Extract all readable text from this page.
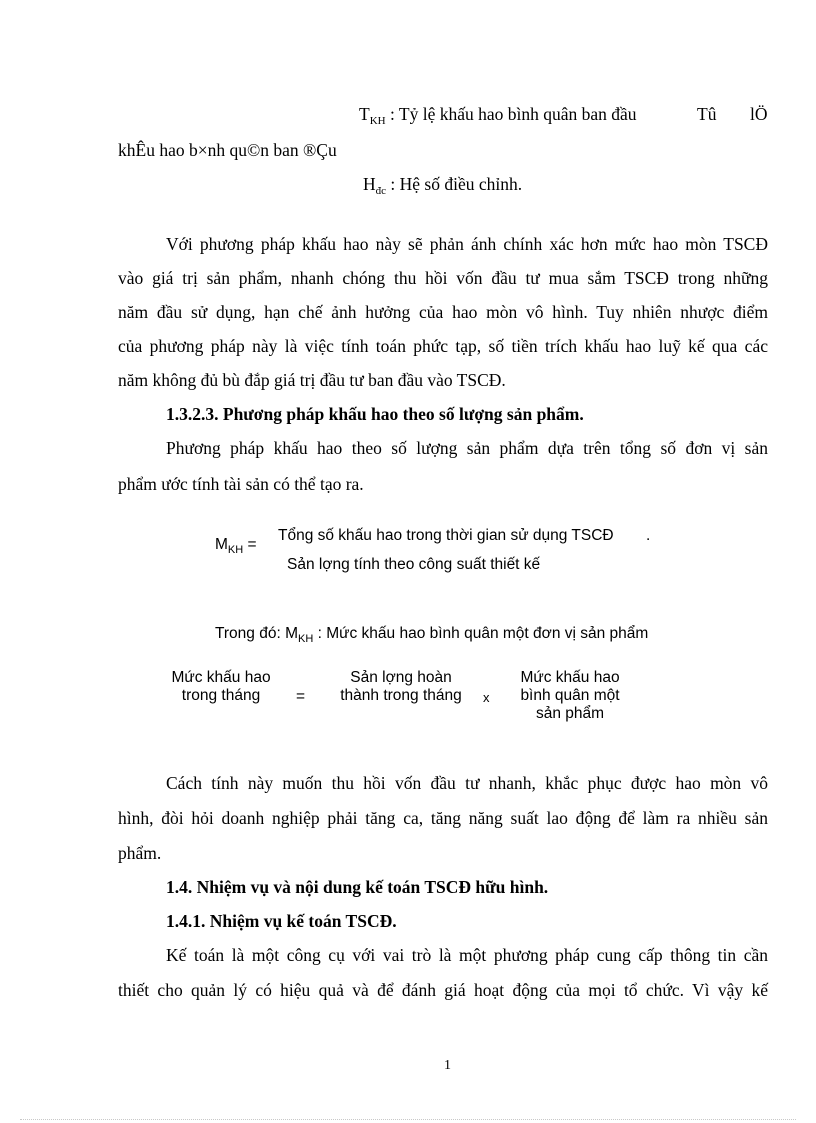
$T_{KH}$ : Tỷ lệ khấu hao bình quân ban đầu	Tû lÖ
khÊu hao b×nh qu©n ban ®Çu
$H_{đc}$ : Hệ số điều chỉnh.
Với phương pháp khấu hao này sẽ phản ánh chính xác hơn mức hao mòn TSCĐ
vào giá trị sản phẩm, nhanh chóng thu hồi vốn đầu tư mua sắm TSCĐ trong những
năm đầu sử dụng, hạn chế ảnh hưởng của hao mòn vô hình. Tuy nhiên nhược điểm
của phương pháp này là việc tính toán phức tạp, số tiền trích khấu hao luỹ kế qua các
năm không đủ bù đắp giá trị đầu tư ban đầu vào TSCĐ.
1.3.2.3. Phương pháp khấu hao theo số lượng sản phẩm.
Phương pháp khấu hao theo số lượng sản phẩm dựa trên tổng số đơn vị sản
phẩm ước tính tài sản có thể tạo ra.
$M_{KH}$ =
Tổng số khấu hao trong thời gian sử dụng TSCĐ .
Sản lợng tính theo công suất thiết kế
Trong đó: $M_{KH}$ : Mức khấu hao bình quân một đơn vị sản phẩm
Mức khấu hao
trong tháng	=
Sản lợng hoàn
thành trong tháng	x
Mức khấu hao
bình quân một
sản phẩm
Cách tính này muốn thu hồi vốn đầu tư nhanh, khắc phục được hao mòn vô
hình, đòi hỏi doanh nghiệp phải tăng ca, tăng năng suất lao động để làm ra nhiều sản
phẩm.
1.4. Nhiệm vụ và nội dung kế toán TSCĐ hữu hình.
1.4.1. Nhiệm vụ kế toán TSCĐ.
Kế toán là một công cụ với vai trò là một phương pháp cung cấp thông tin cần
thiết cho quản lý có hiệu quả và để đánh giá hoạt động của mọi tổ chức. Vì vậy kế
1
